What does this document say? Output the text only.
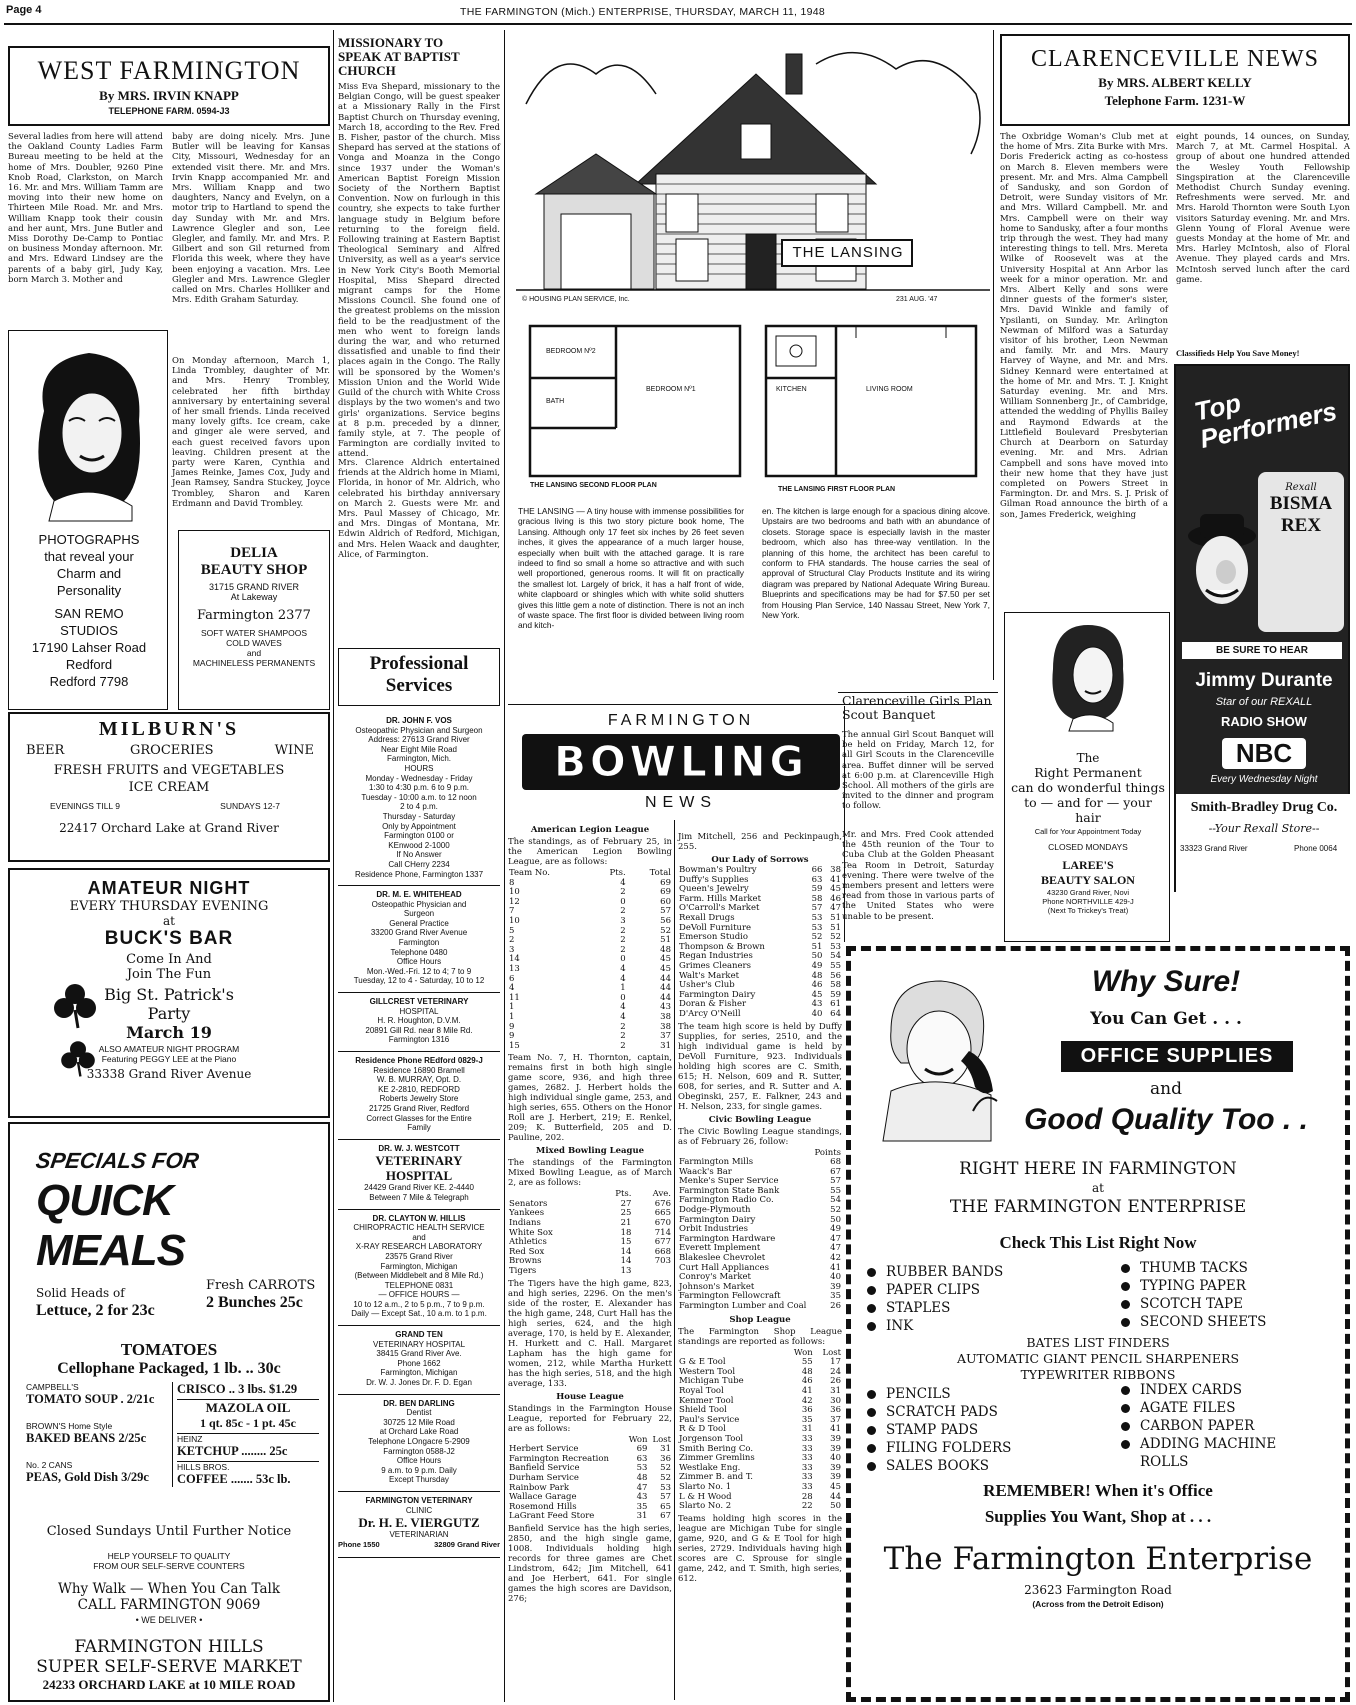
Page 4	THE FARMINGTON (Mich.) ENTERPRISE, THURSDAY, MARCH 11, 1948
WEST FARMINGTON
By MRS. IRVIN KNAPP
TELEPHONE FARM. 0594-J3
Several ladies from here will attend the Oakland County Ladies Farm Bureau meeting to be held at the home of Mrs. Doubler, 9260 Pine Knob Road, Clarkston, on March 16. Mr. and Mrs. William Tamm are moving into their new home on Thirteen Mile Road. Mr. and Mrs. William Knapp took their cousin and her aunt, Mrs. June Butler and Miss Dorothy De-Camp to Pontiac on business Monday afternoon. Mr. and Mrs. Edward Lindsey are the parents of a baby girl, Judy Kay, born March 3. Mother and
baby are doing nicely. Mrs. June Butler will be leaving for Kansas City, Missouri, Wednesday for an extended visit there. Mr. and Mrs. Irvin Knapp accompanied Mr. and Mrs. William Knapp and two daughters, Nancy and Evelyn, on a motor trip to Hartland to spend the day Sunday with Mr. and Mrs. Lawrence Glegler and son, Lee Glegler, and family. Mr. and Mrs. P. Gilbert and son Gil returned from Florida this week, where they have been enjoying a vacation. Mrs. Lee Glegler and Mrs. Lawrence Glegler called on Mrs. Charles Holliker and Mrs. Edith Graham Saturday.
On Monday afternoon, March 1, Linda Trombley, daughter of Mr. and Mrs. Henry Trombley, celebrated her fifth birthday anniversary by entertaining several of her small friends. Linda received many lovely gifts. Ice cream, cake and ginger ale were served, and each guest received favors upon leaving. Children present at the party were Karen, Cynthia and James Reinke, James Cox, Judy and Jean Ramsey, Sandra Stuckey, Joyce Trombley, Sharon and Karen Erdmann and David Trombley.
PHOTOGRAPHS
that reveal your
Charm and
Personality
SAN REMO
STUDIOS
17190 Lahser Road
Redford
Redford 7798
DELIA
BEAUTY SHOP
31715 GRAND RIVER
At Lakeway
Farmington 2377
SOFT WATER SHAMPOOS
COLD WAVES
and
MACHINELESS PERMANENTS
MILBURN'S
BEER	GROCERIES	WINE
FRESH FRUITS and VEGETABLES
ICE CREAM
EVENINGS TILL 9	SUNDAYS 12-7
22417 Orchard Lake at Grand River
AMATEUR NIGHT
EVERY THURSDAY EVENING
at
BUCK'S BAR
Come In And
Join The Fun
Big St. Patrick's
Party
March 19
ALSO AMATEUR NIGHT PROGRAM
Featuring PEGGY LEE at the Piano
33338 Grand River Avenue
SPECIALS FOR
QUICK MEALS
Solid Heads of
Lettuce, 2 for 23c
Fresh CARROTS
2 Bunches 25c
TOMATOES
Cellophane Packaged, 1 lb. .. 30c
CAMPBELL'S
TOMATO SOUP . 2/21c
BROWN'S Home Style
BAKED BEANS 2/25c
No. 2 CANS
PEAS, Gold Dish 3/29c
CRISCO .. 3 lbs. $1.29
MAZOLA OIL
1 qt. 85c - 1 pt. 45c
HEINZ
KETCHUP ........ 25c
HILLS BROS.
COFFEE ....... 53c lb.
Closed Sundays Until Further Notice
HELP YOURSELF TO QUALITY
FROM OUR SELF-SERVE COUNTERS
Why Walk — When You Can Talk
CALL FARMINGTON 9069
• WE DELIVER •
FARMINGTON HILLS
SUPER SELF-SERVE MARKET
24233 ORCHARD LAKE at 10 MILE ROAD
MISSIONARY TO SPEAK AT BAPTIST CHURCH
Miss Eva Shepard, missionary to the Belgian Congo, will be guest speaker at a Missionary Rally in the First Baptist Church on Thursday evening, March 18, according to the Rev. Fred B. Fisher, pastor of the church. Miss Shepard has served at the stations of Vonga and Moanza in the Congo since 1937 under the Woman's American Baptist Foreign Mission Society of the Northern Baptist Convention. Now on furlough in this country, she expects to take further language study in Belgium before returning to the foreign field. Following training at Eastern Baptist Theological Seminary and Alfred University, as well as a year's service in New York City's Booth Memorial Hospital, Miss Shepard directed migrant camps for the Home Missions Council. She found one of the greatest problems on the mission field to be the readjustment of the men who went to foreign lands during the war, and who returned dissatisfied and unable to find their places again in the Congo. The Rally will be sponsored by the Women's Mission Union and the World Wide Guild of the church with White Cross displays by the two women's and two girls' organizations. Service begins at 8 p.m. preceded by a dinner, family style, at 7. The people of Farmington are cordially invited to attend.
Mrs. Clarence Aldrich entertained friends at the Aldrich home in Miami, Florida, in honor of Mr. Aldrich, who celebrated his birthday anniversary on March 2. Guests were Mr. and Mrs. Paul Massey of Chicago, Mr. and Mrs. Dingas of Montana, Mr. Edwin Aldrich of Redford, Michigan, and Mrs. Helen Waack and daughter, Alice, of Farmington.
Professional
Services
DR. JOHN F. VOS
Osteopathic Physician and Surgeon
Address: 27613 Grand River
Near Eight Mile Road
Farmington, Mich.
HOURS
Monday - Wednesday - Friday
1:30 to 4:30 p.m. 6 to 9 p.m.
Tuesday - 10:00 a.m. to 12 noon
2 to 4 p.m.
Thursday - Saturday
Only by Appointment
Farmington 0100 or
KEnwood 2-1000
If No Answer
Call CHerry 2234
Residence Phone, Farmington 1337
DR. M. E. WHITEHEAD
Osteopathic Physician and
Surgeon
General Practice
33200 Grand River Avenue
Farmington
Telephone 0480
Office Hours
Mon.-Wed.-Fri. 12 to 4; 7 to 9
Tuesday, 12 to 4 - Saturday, 10 to 12
GILLCREST VETERINARY
HOSPITAL
H. R. Houghton, D.V.M.
20891 Gill Rd. near 8 Mile Rd.
Farmington 1316
Residence Phone REdford 0829-J
Residence 16890 Bramell
W. B. MURRAY, Opt. D.
KE 2-2810, REDFORD
Roberts Jewelry Store
21725 Grand River, Redford
Correct Glasses for the Entire
Family
DR. W. J. WESTCOTT
VETERINARY
HOSPITAL
24429 Grand River KE. 2-4440
Between 7 Mile & Telegraph
DR. CLAYTON W. HILLIS
CHIROPRACTIC HEALTH SERVICE
and
X-RAY RESEARCH LABORATORY
23575 Grand River
Farmington, Michigan
(Between Middlebelt and 8 Mile Rd.)
TELEPHONE 0831
— OFFICE HOURS —
10 to 12 a.m., 2 to 5 p.m., 7 to 9 p.m.
Daily — Except Sat., 10 a.m. to 1 p.m.
GRAND TEN
VETERINARY HOSPITAL
38415 Grand River Ave.
Phone 1662
Farmington, Michigan
Dr. W. J. Jones Dr. F. D. Egan
DR. BEN DARLING
Dentist
30725 12 Mile Road
at Orchard Lake Road
Telephone LOngacre 5-2909
Farmington 0588-J2
Office Hours
9 a.m. to 9 p.m. Daily
Except Thursday
FARMINGTON VETERINARY
CLINIC
Dr. H. E. VIERGUTZ
VETERINARIAN
Phone 1550	32809 Grand River
THE LANSING
© HOUSING PLAN SERVICE, Inc.	231 AUG. '47
BEDROOM Nº2
BEDROOM Nº1
BATH
KITCHEN	LIVING ROOM
THE LANSING SECOND FLOOR PLAN
THE LANSING FIRST FLOOR PLAN
THE LANSING — A tiny house with immense possibilities for gracious living is this two story picture book home, The Lansing. Although only 17 feet six inches by 26 feet seven inches, it gives the appearance of a much larger house, especially when built with the attached garage. It is rare indeed to find so small a home so attractive and with such well proportioned, generous rooms. It will fit on practically the smallest lot. Largely of brick, it has a half front of wide, white clapboard or shingles which with white solid shutters gives this little gem a note of distinction. There is not an inch of waste space. The first floor is divided between living room and kitch-
en. The kitchen is large enough for a spacious dining alcove. Upstairs are two bedrooms and bath with an abundance of closets. Storage space is especially lavish in the master bedroom, which also has three-way ventilation. In the planning of this home, the architect has been careful to conform to FHA standards. The house carries the seal of approval of Structural Clay Products Institute and its wiring diagram was prepared by National Adequate Wiring Bureau. Blueprints and specifications may be had for $7.50 per set from Housing Plan Service, 140 Nassau Street, New York 7, New York.
FARMINGTON
BOWLING
NEWS
American Legion League
The standings, as of February 25, in the American Legion Bowling League, are as follows:
Team No.	Pts.	Total
8	4	69
10	2	69
12	0	60
7	2	57
10	3	56
5	2	52
2	2	51
3	2	48
14	0	45
13	4	45
6	4	44
4	1	44
11	0	44
1	4	43
1	4	38
9	2	38
9	2	37
15	2	31
Team No. 7, H. Thornton, captain, remains first in both high single game score, 936, and high three games, 2682. J. Herbert holds the high individual single game, 253, and high series, 655. Others on the Honor Roll are J. Herbert, 219; E. Renkel, 209; K. Butterfield, 205 and D. Pauline, 202.
Mixed Bowling League
The standings of the Farmington Mixed Bowling League, as of March 2, are as follows:
	Pts.	Ave.
Senators	27	676
Yankees	25	665
Indians	21	670
White Sox	18	714
Athletics	15	677
Red Sox	14	668
Browns	14	703
Tigers	13	
The Tigers have the high game, 823, and high series, 2296. On the men's side of the roster, E. Alexander has the high game, 248, Curt Hall has the high series, 624, and the high average, 170, is held by E. Alexander, H. Hurkett and C. Hall. Margaret Lapham has the high game for women, 212, while Martha Hurkett has the high series, 518, and the high average, 133.
House League
Standings in the Farmington House League, reported for February 22, are as follows:
	Won	Lost
Herbert Service	69	31
Farmington Recreation	63	36
Banfield Service	53	52
Durham Service	48	52
Rainbow Park	47	53
Wallace Garage	43	57
Rosemond Hills	35	65
LaGrant Feed Store	31	67
Banfield Service has the high series, 2850, and the high single game, 1008. Individuals holding high records for three games are Chet Lindstrom, 642; Jim Mitchell, 641 and Joe Herbert, 641. For single games the high scores are Davidson, 276;
Jim Mitchell, 256 and Peckinpaugh, 255.
Our Lady of Sorrows
Bowman's Poultry	66	38
Duffy's Supplies	63	41
Queen's Jewelry	59	45
Farm. Hills Market	58	46
O'Carroll's Market	57	47
Rexall Drugs	53	51
DeVoll Furniture	53	51
Emerson Studio	52	52
Thompson & Brown	51	53
Regan Industries	50	54
Grimes Cleaners	49	55
Walt's Market	48	56
Usher's Club	46	58
Farmington Dairy	45	59
Doran & Fisher	43	61
D'Arcy O'Neill	40	64
The team high score is held by Duffy Supplies, for series, 2510, and the high individual game is held by DeVoll Furniture, 923. Individuals holding high scores are C. Smith, 615; H. Nelson, 609 and R. Sutter, 608, for series, and R. Sutter and A. Obeginski, 257, E. Falkner, 243 and H. Nelson, 233, for single games.
Civic Bowling League
The Civic Bowling League standings, as of February 26, follow:
	Points
Farmington Mills	68
Waack's Bar	67
Menke's Super Service	57
Farmington State Bank	55
Farmington Radio Co.	54
Dodge-Plymouth	52
Farmington Dairy	50
Orbit Industries	49
Farmington Hardware	47
Everett Implement	47
Blakeslee Chevrolet	42
Curt Hall Appliances	41
Conroy's Market	40
Johnson's Market	39
Farmington Fellowcraft	35
Farmington Lumber and Coal	26
Shop League
The Farmington Shop League standings are reported as follows:
	Won	Lost
G & E Tool	55	17
Western Tool	48	24
Michigan Tube	46	26
Royal Tool	41	31
Kenmer Tool	42	30
Shield Tool	36	36
Paul's Service	35	37
R & D Tool	31	41
Jorgenson Tool	33	39
Smith Bering Co.	33	39
Zimmer Gremlins	33	40
Westlake Eng.	33	39
Zimmer B. and T.	33	39
Slarto No. 1	33	45
L & H Wood	28	44
Slarto No. 2	22	50
Teams holding high scores in the league are Michigan Tube for single game, 920, and G & E Tool for high series, 2729. Individuals having high scores are C. Sprouse for single game, 242, and T. Smith, high series, 612.
CLARENCEVILLE NEWS
By MRS. ALBERT KELLY
Telephone Farm. 1231-W
The Oxbridge Woman's Club met at the home of Mrs. Zita Burke with Mrs. Doris Frederick acting as co-hostess on March 8. Eleven members were present. Mr. and Mrs. Alma Campbell of Sandusky, and son Gordon of Detroit, were Sunday visitors of Mr. and Mrs. Willard Campbell. Mr. and Mrs. Campbell were on their way home to Sandusky, after a four months trip through the west. They had many interesting things to tell. Mrs. Mereta Wilke of Roosevelt was at the University Hospital at Ann Arbor las week for a minor operation. Mr. and Mrs. Albert Kelly and sons were dinner guests of the former's sister, Mrs. David Winkle and family of Ypsilanti, on Sunday. Mr. Arlington Newman of Milford was a Saturday visitor of his brother, Leon Newman and family. Mr. and Mrs. Maury Harvey of Wayne, and Mr. and Mrs. Sidney Kennard were entertained at the home of Mr. and Mrs. T. J. Knight Saturday evening. Mr. and Mrs. William Sonnenberg Jr., of Cambridge, attended the wedding of Phyllis Bailey and Raymond Edwards at the Littlefield Boulevard Presbyterian Church at Dearborn on Saturday evening. Mr. and Mrs. Adrian Campbell and sons have moved into their new home that they have just completed on Powers Street in Farmington. Dr. and Mrs. S. J. Prisk of Gilman Road announce the birth of a son, James Frederick, weighing
eight pounds, 14 ounces, on Sunday, March 7, at Mt. Carmel Hospital. A group of about one hundred attended the Wesley Youth Fellowship Singspiration at the Clarenceville Methodist Church Sunday evening. Refreshments were served. Mr. and Mrs. Harold Thornton were South Lyon visitors Saturday evening. Mr. and Mrs. Glenn Young of Floral Avenue were guests Monday at the home of Mr. and Mrs. Harley McIntosh, also of Floral Avenue. They played cards and Mrs. McIntosh served lunch after the card game.
Classifieds Help You Save Money!
Top Performers
Rexall
BISMA
REX
BE SURE TO HEAR
Jimmy Durante
Star of our REXALL
RADIO SHOW
NBC
Every Wednesday Night
Smith-Bradley Drug Co.
--Your Rexall Store--
33323 Grand River	Phone 0064
Clarenceville Girls Plan Scout Banquet
The annual Girl Scout Banquet will be held on Friday, March 12, for all Girl Scouts in the Clarenceville area. Buffet dinner will be served at 6:00 p.m. at Clarenceville High School. All mothers of the girls are invited to the dinner and program to follow.
Mr. and Mrs. Fred Cook attended the 45th reunion of the Tour to Cuba Club at the Golden Pheasant Tea Room in Detroit, Saturday evening. There were twelve of the members present and letters were read from those in various parts of the United States who were unable to be present.
The
Right Permanent
can do wonderful things
to — and for — your
hair
Call for Your Appointment Today
CLOSED MONDAYS
LAREE'S
BEAUTY SALON
43230 Grand River, Novi
Phone NORTHVILLE 429-J
(Next To Trickey's Treat)
Why Sure!
You Can Get . . .
OFFICE SUPPLIES
and
Good Quality Too . .
RIGHT HERE IN FARMINGTON
at
THE FARMINGTON ENTERPRISE
Check This List Right Now
RUBBER BANDS
PAPER CLIPS
STAPLES
INK
THUMB TACKS
TYPING PAPER
SCOTCH TAPE
SECOND SHEETS
BATES LIST FINDERS
AUTOMATIC GIANT PENCIL SHARPENERS
TYPEWRITER RIBBONS
PENCILS
SCRATCH PADS
STAMP PADS
FILING FOLDERS
SALES BOOKS
INDEX CARDS
AGATE FILES
CARBON PAPER
ADDING MACHINE
ROLLS
REMEMBER! When it's Office
Supplies You Want, Shop at . . .
The Farmington Enterprise
23623 Farmington Road
(Across from the Detroit Edison)
